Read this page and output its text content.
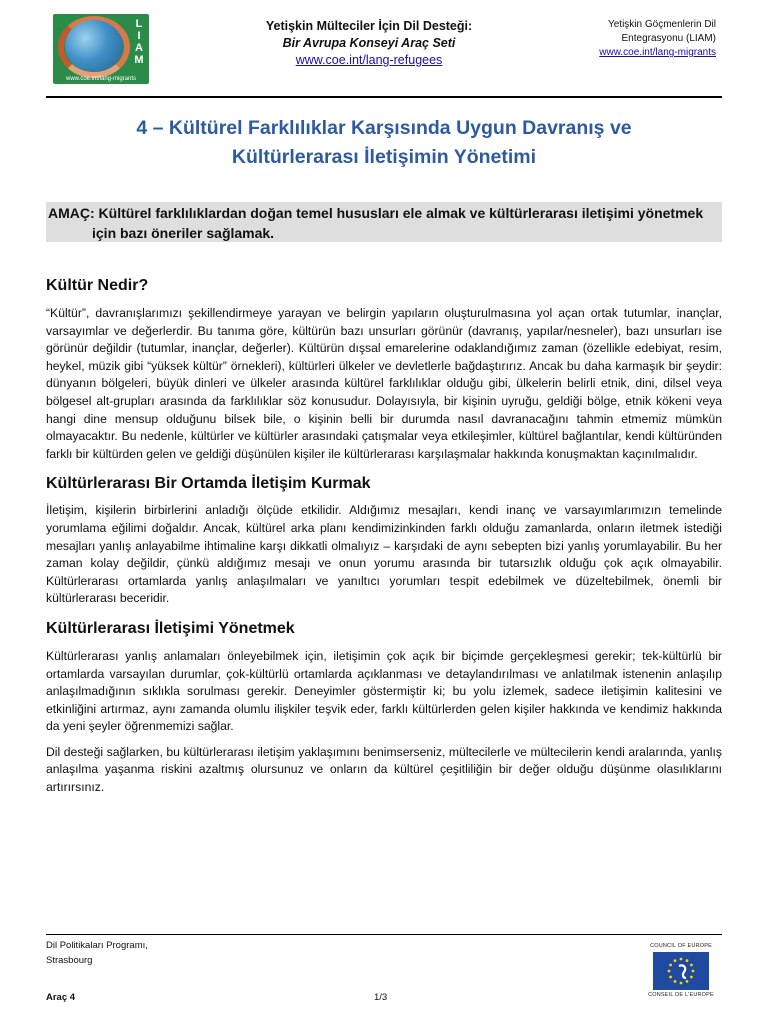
L
I
A
M
www.coe.int/lang-migrants
Yetişkin Mülteciler İçin Dil Desteği:
Bir Avrupa Konseyi Araç Seti
www.coe.int/lang-refugees
Yetişkin Göçmenlerin Dil
Entegrasyonu (LIAM)
www.coe.int/lang-migrants
4 – Kültürel Farklılıklar Karşısında Uygun Davranış ve
Kültürlerarası İletişimin Yönetimi

AMAÇ: Kültürel farklılıklardan doğan temel hususları ele almak ve kültürlerarası iletişimi yönetmek için bazı öneriler sağlamak.

Kültür Nedir?

“Kültür”, davranışlarımızı şekillendirmeye yarayan ve belirgin yapıların oluşturulmasına yol açan ortak tutumlar, inançlar, varsayımlar ve değerlerdir. Bu tanıma göre, kültürün bazı unsurları görünür (davranış, yapılar/nesneler), bazı unsurları ise görünür değildir (tutumlar, inançlar, değerler). Kültürün dışsal emarelerine odaklandığımız zaman (özellikle edebiyat, resim, heykel, müzik gibi “yüksek kültür” örnekleri), kültürleri ülkeler ve devletlerle bağdaştırırız. Ancak bu daha karmaşık bir şeydir: dünyanın bölgeleri, büyük dinleri ve ülkeler arasında kültürel farklılıklar olduğu gibi, ülkelerin belirli etnik, dini, dilsel veya bölgesel alt-grupları arasında da farklılıklar söz konusudur. Dolayısıyla, bir kişinin uyruğu, geldiği bölge, etnik kökeni veya hangi dine mensup olduğunu bilsek bile, o kişinin belli bir durumda nasıl davranacağını tahmin etmemiz mümkün olmayacaktır. Bu nedenle, kültürler ve kültürler arasındaki çatışmalar veya etkileşimler, kültürel bağlantılar, kendi kültüründen farklı bir kültürden gelen ve geldiği düşünülen kişiler ile kültürlerarası karşılaşmalar hakkında konuşmaktan kaçınılmalıdır.

Kültürlerarası Bir Ortamda İletişim Kurmak

İletişim, kişilerin birbirlerini anladığı ölçüde etkilidir. Aldığımız mesajları, kendi inanç ve varsayımlarımızın temelinde yorumlama eğilimi doğaldır. Ancak, kültürel arka planı kendimizinkinden farklı olduğu zamanlarda, onların iletmek istediği mesajları yanlış anlayabilme ihtimaline karşı dikkatli olmalıyız – karşıdaki de aynı sebepten bizi yanlış yorumlayabilir. Bu her zaman kolay değildir, çünkü aldığımız mesajı ve onun yorumu arasında bir tutarsızlık olduğu çok açık olmayabilir. Kültürlerarası ortamlarda yanlış anlaşılmaları ve yanıltıcı yorumları tespit edebilmek ve düzeltebilmek, önemli bir kültürlerarası beceridir.

Kültürlerarası İletişimi Yönetmek

Kültürlerarası yanlış anlamaları önleyebilmek için, iletişimin çok açık bir biçimde gerçekleşmesi gerekir; tek-kültürlü bir ortamlarda varsayılan durumlar, çok-kültürlü ortamlarda açıklanması ve detaylandırılması ve anlatılmak istenenin anlaşılıp anlaşılmadığının sıklıkla sorulması gerekir. Deneyimler göstermiştir ki; bu yolu izlemek, sadece iletişimin kalitesini ve etkinliğini artırmaz, aynı zamanda olumlu ilişkiler teşvik eder, farklı kültürlerden gelen kişiler hakkında ve kendimiz hakkında da yeni şeyler öğrenmemizi sağlar.

Dil desteği sağlarken, bu kültürlerarası iletişim yaklaşımını benimserseniz, mültecilerle ve mültecilerin kendi aralarında, yanlış anlaşılma yaşanma riskini azaltmış olursunuz ve onların da kültürel çeşitliliğin bir değer olduğu düşünme olasılıklarını artırırsınız.

Dil Politikaları Programı,
Strasbourg
Araç 4	1/3
COUNCIL OF EUROPE
CONSEIL DE L'EUROPE
